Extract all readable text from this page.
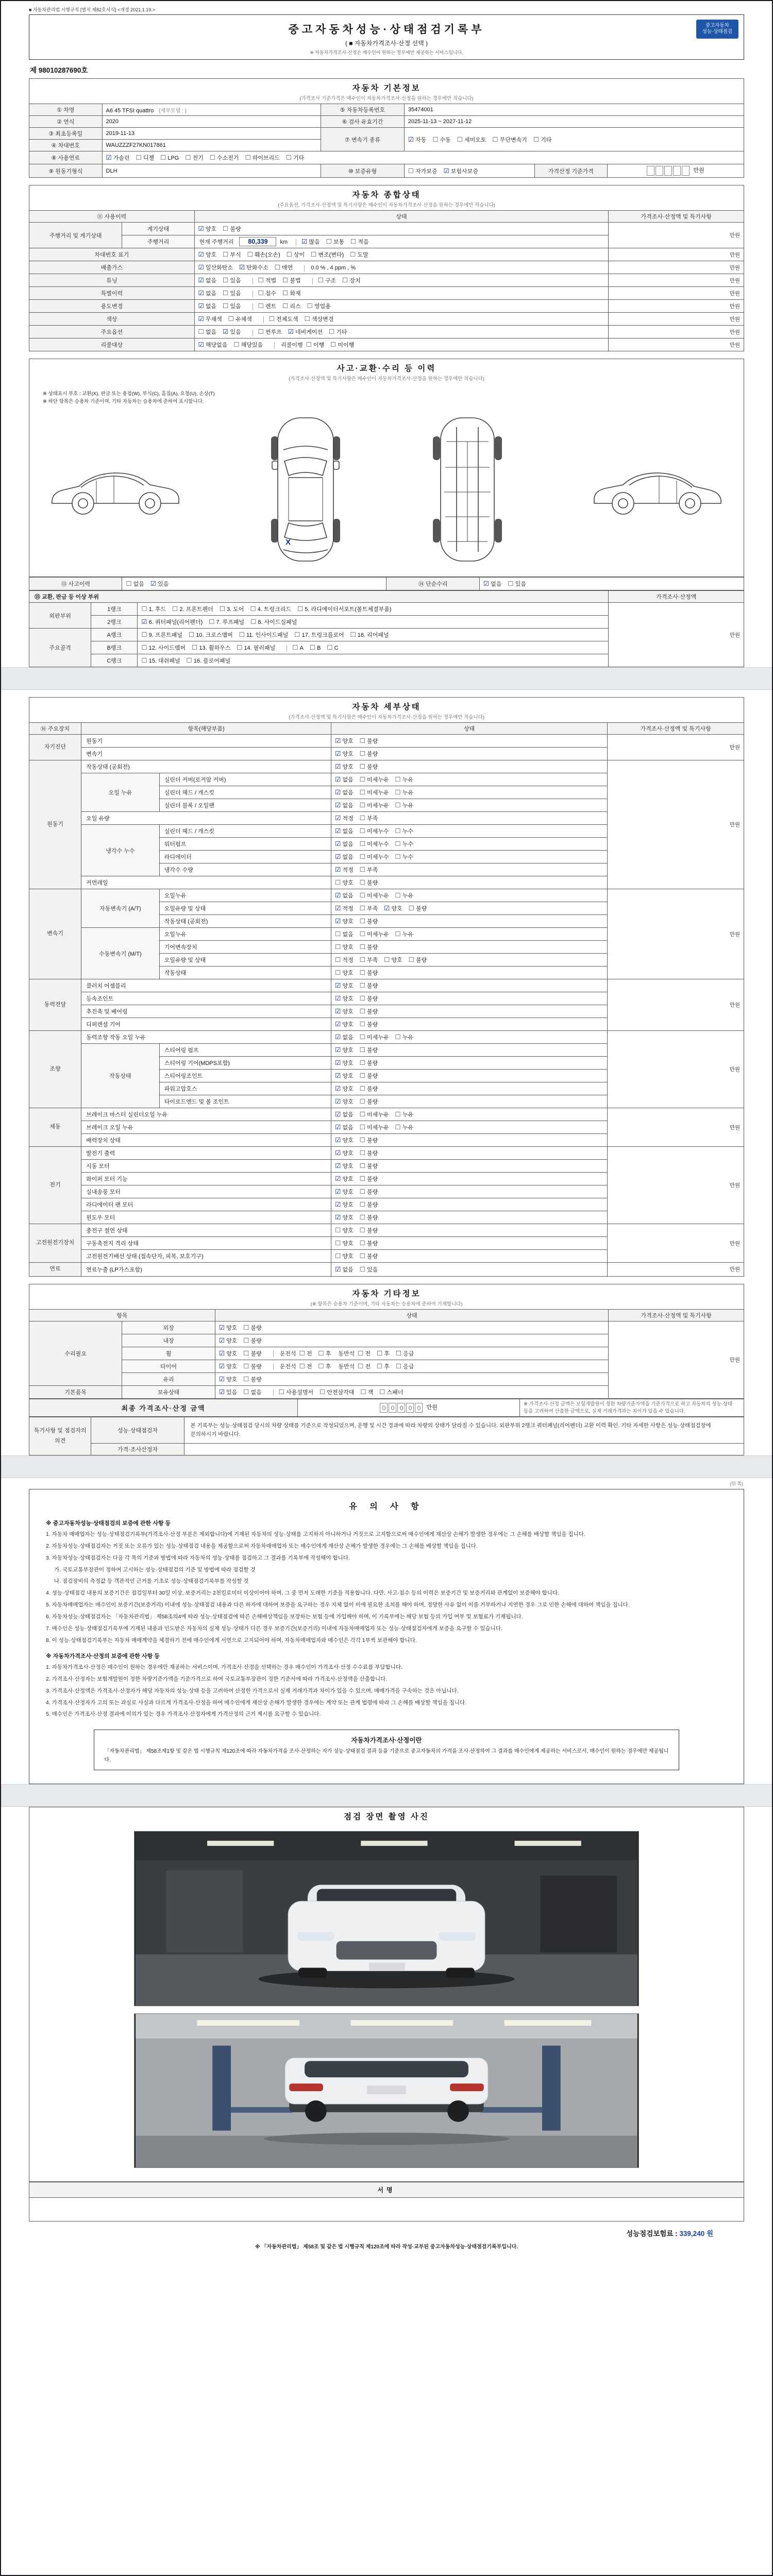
■ 자동차관리법 시행규칙 [별지 제82호서식] <개정 2021.1.19.>
중고자동차성능·상태점검기록부
( ■ 자동차가격조사·산정 선택 )
※ 자동차가격조사·산정은 매수인이 원하는 경우에만 제공하는 서비스입니다.
중고자동차
성능·상태점검
제 98010287690호
자동차 기본정보
(가격조사 기준가격은 매수인이 자동차가격조사·산정을 원하는 경우에만 적습니다)
① 차명	A6 45 TFSI quattro (세부모델 : )	⑤ 자동차등록번호	35474001		
② 연식	2020	⑥ 검사 유효기간	2025-11-13 ~ 2027-11-12		
③ 최초등록일	2019-11-13	⑦ 변속기 종류	☑ 자동 ☐ 수동 ☐ 세미오토 ☐ 무단변속기 ☐ 기타		
④ 차대번호	WAUZZZF27KN017861				
⑧ 사용연료	☑ 가솔린 ☐ 디젤 ☐ LPG ☐ 전기 ☐ 수소전기 ☐ 하이브리드 ☐ 기타				
⑨ 원동기형식	DLH	⑩ 보증유형	☐ 자가보증 ☑ 보험사보증	가격산정 기준가격	만원
자동차 종합상태
(주요옵션, 가격조사·산정액 및 특기사항은 매수인이 자동차가격조사·산정을 원하는 경우에만 적습니다)
⑪ 사용이력		상태	가격조사·산정액 및 특기사항
주행거리 및 계기상태	계기상태	☑ 양호 ☐ 불량	만원
	주행거리	현재 주행거리 80,339 km ☑ 많음 ☐ 보통 ☐ 적음	
차대번호 표기		☑ 양호 ☐ 부식 ☐ 훼손(오손) ☐ 상이 ☐ 변조(변타) ☐ 도말	만원
배출가스		☑ 일산화탄소 ☑ 탄화수소 ☐ 매연 0.0 % , 4 ppm , %	만원
튜닝		☑ 없음 ☐ 있음 ☐ 적법 ☐ 불법 ☐ 구조 ☐ 장치	만원
특별이력		☑ 없음 ☐ 있음 ☐ 침수 ☐ 화재	만원
용도변경		☑ 없음 ☐ 있음 ☐ 렌트 ☐ 리스 ☐ 영업용	만원
색상		☑ 무채색 ☐ 유채색 ☐ 전체도색 ☐ 색상변경	만원
주요옵션		☐ 없음 ☑ 있음 ☐ 썬루프 ☑ 네비게이션 ☐ 기타	만원
리콜대상		☑ 해당없음 ☐ 해당있음 리콜이행 ☐ 이행 ☐ 미이행	만원
사고·교환·수리 등 이력
(가격조사·산정액 및 특기사항은 매수인이 자동차가격조사·산정을 원하는 경우에만 적습니다)

※ 상태표시 부호 : 교환(X), 판금 또는 용접(W), 부식(C), 흠집(A), 요철(U), 손상(T)

※ 하단 항목은 승용차 기준이며, 기타 자동차는 승용차에 준하여 표시합니다.

X
⑬ 사고이력	☐ 없음 ☑ 있음	⑭ 단순수리	☑ 없음 ☐ 있음
⑮ 교환, 판금 등 이상 부위			가격조사·산정액
외판부위	1랭크	☐ 1. 후드 ☐ 2. 프론트펜더 ☐ 3. 도어 ☐ 4. 트렁크리드 ☐ 5. 라디에이터서포트(볼트체결부품)	만원
	2랭크	☑ 6. 쿼터패널(리어펜더) ☐ 7. 루프패널 ☐ 8. 사이드실패널	
주요골격	A랭크	☐ 9. 프론트패널 ☐ 10. 크로스멤버 ☐ 11. 인사이드패널 ☐ 17. 트렁크플로어 ☐ 18. 리어패널	
	B랭크	☐ 12. 사이드멤버 ☐ 13. 휠하우스 ☐ 14. 필러패널 ☐ A ☐ B ☐ C	
	C랭크	☐ 15. 대쉬패널 ☐ 16. 플로어패널	
자동차 세부상태
(가격조사·산정액 및 특기사항은 매수인이 자동차가격조사·산정을 원하는 경우에만 적습니다)
⑯ 주요장치	항목(해당부품)		상태	가격조사·산정액 및 특기사항
자기진단	원동기		☑ 양호 ☐ 불량	만원
	변속기		☑ 양호 ☐ 불량	
원동기	작동상태 (공회전)		☑ 양호 ☐ 불량	만원
	오일 누유	실린더 커버(로커암 커버)	☑ 없음 ☐ 미세누유 ☐ 누유	
		실린더 헤드 / 개스킷	☑ 없음 ☐ 미세누유 ☐ 누유	
		실린더 블록 / 오일팬	☑ 없음 ☐ 미세누유 ☐ 누유	
	오일 유량		☑ 적정 ☐ 부족	
	냉각수 누수	실린더 헤드 / 개스킷	☑ 없음 ☐ 미세누수 ☐ 누수	
		워터펌프	☑ 없음 ☐ 미세누수 ☐ 누수	
		라디에이터	☑ 없음 ☐ 미세누수 ☐ 누수	
		냉각수 수량	☑ 적정 ☐ 부족	
	커먼레일		☐ 양호 ☐ 불량	
변속기	자동변속기 (A/T)	오일누유	☑ 없음 ☐ 미세누유 ☐ 누유	만원
		오일유량 및 상태	☑ 적정 ☐ 부족 ☑ 양호 ☐ 불량	
		작동상태 (공회전)	☑ 양호 ☐ 불량	
	수동변속기 (M/T)	오일누유	☐ 없음 ☐ 미세누유 ☐ 누유	
		기어변속장치	☐ 양호 ☐ 불량	
		오일유량 및 상태	☐ 적정 ☐ 부족 ☐ 양호 ☐ 불량	
		작동상태	☐ 양호 ☐ 불량	
동력전달	클러치 어셈블리		☑ 양호 ☐ 불량	만원
	등속조인트		☑ 양호 ☐ 불량	
	추진축 및 베어링		☑ 양호 ☐ 불량	
	디퍼렌셜 기어		☑ 양호 ☐ 불량	
조향	동력조향 작동 오일 누유		☑ 없음 ☐ 미세누유 ☐ 누유	만원
	작동상태	스티어링 펌프	☑ 양호 ☐ 불량	
		스티어링 기어(MDPS포함)	☑ 양호 ☐ 불량	
		스티어링조인트	☑ 양호 ☐ 불량	
		파워고압호스	☑ 양호 ☐ 불량	
		타이로드엔드 및 볼 조인트	☑ 양호 ☐ 불량	
제동	브레이크 마스터 실린더오일 누유		☑ 없음 ☐ 미세누유 ☐ 누유	만원
	브레이크 오일 누유		☑ 없음 ☐ 미세누유 ☐ 누유	
	배력장치 상태		☑ 양호 ☐ 불량	
전기	발전기 출력		☑ 양호 ☐ 불량	만원
	시동 모터		☑ 양호 ☐ 불량	
	와이퍼 모터 기능		☑ 양호 ☐ 불량	
	실내송풍 모터		☑ 양호 ☐ 불량	
	라디에이터 팬 모터		☑ 양호 ☐ 불량	
	윈도우 모터		☑ 양호 ☐ 불량	
고전원전기장치	충전구 절연 상태		☐ 양호 ☐ 불량	만원
	구동축전지 격리 상태		☐ 양호 ☐ 불량	
	고전원전기배선 상태 (접속단자, 피복, 보호기구)		☐ 양호 ☐ 불량	
연료	연료누출 (LP가스포함)		☑ 없음 ☐ 있음	만원
자동차 기타정보
(※ 항목은 승용차 기준이며, 기타 자동차는 승용차에 준하여 기재합니다)
항목		상태	가격조사·산정액 및 특기사항
수리필요	외장	☑ 양호 ☐ 불량	만원
	내장	☑ 양호 ☐ 불량	
	휠	☑ 양호 ☐ 불량 운전석 ☐ 전 ☐ 후 동반석 ☐ 전 ☐ 후 ☐ 응급	
	타이어	☑ 양호 ☐ 불량 운전석 ☐ 전 ☐ 후 동반석 ☐ 전 ☐ 후 ☐ 응급	
	유리	☑ 양호 ☐ 불량	
기본품목	보유상태	☑ 있음 ☐ 없음 ☐ 사용설명서 ☐ 안전삼각대 ☐ 잭 ☐ 스패너	
최종 가격조사·산정 금액	0 0 0 0 0 만원	※ 가격조사·산정 금액은 보험개발원이 정한 차량기준가액을 기준가격으로 하고 자동차의 성능·상태 등을 고려하여 산출한 금액으로, 실제 거래가격과는 차이가 있을 수 있습니다.
특기사항 및 점검자의 의견	성능·상태점검자	본 기록부는 성능·상태점검 당시의 차량 상태를 기준으로 작성되었으며, 운행 및 시간 경과에 따라 차량의 상태가 달라질 수 있습니다. 외판부위 2랭크 쿼터패널(리어펜더) 교환 이력 확인. 기타 자세한 사항은 성능·상태점검장에 문의하시기 바랍니다.
	가격·조사산정자	
(뒤 쪽)
유 의 사 항
※ 중고자동차성능·상태점검의 보증에 관한 사항 등

1. 자동차 매매업자는 성능·상태점검기록부(가격조사·산정 부분은 제외합니다)에 기재된 자동차의 성능·상태를 고지하지 아니하거나 거짓으로 고지함으로써 매수인에게 재산상 손해가 발생한 경우에는 그 손해를 배상할 책임을 집니다.

2. 자동차성능·상태점검자는 거짓 또는 오류가 있는 성능·상태점검 내용을 제공함으로써 자동차매매업자 또는 매수인에게 재산상 손해가 발생한 경우에는 그 손해를 배상할 책임을 집니다.

3. 자동차성능·상태점검자는 다음 각 목의 기준과 방법에 따라 자동차의 성능·상태를 점검하고 그 결과를 기록부에 작성해야 합니다.

가. 국토교통부장관이 정하여 고시하는 성능·상태점검의 기준 및 방법에 따라 점검할 것

나. 점검장비의 측정값 등 객관적인 근거를 기초로 성능·상태점검기록부를 작성할 것

4. 성능·상태점검 내용의 보증기간은 점검일부터 30일 이상, 보증거리는 2천킬로미터 이상이어야 하며, 그 중 먼저 도래한 기준을 적용합니다. 다만, 사고·침수 등의 이력은 보증기간 및 보증거리와 관계없이 보증해야 합니다.

5. 자동차매매업자는 매수인이 보증기간(보증거리) 이내에 성능·상태점검 내용과 다른 하자에 대하여 보증을 요구하는 경우 지체 없이 이에 필요한 조치를 해야 하며, 정당한 사유 없이 이를 거부하거나 지연한 경우 그로 인한 손해에 대하여 책임을 집니다.

6. 자동차성능·상태점검자는 「자동차관리법」 제58조의4에 따라 성능·상태점검에 따른 손해배상책임을 보장하는 보험 등에 가입해야 하며, 이 기록부에는 해당 보험 등의 가입 여부 및 보험료가 기재됩니다.

7. 매수인은 성능·상태점검기록부에 기재된 내용과 인도받은 자동차의 실제 성능·상태가 다른 경우 보증기간(보증거리) 이내에 자동차매매업자 또는 성능·상태점검자에게 보증을 요구할 수 있습니다.

8. 이 성능·상태점검기록부는 자동차 매매계약을 체결하기 전에 매수인에게 서면으로 고지되어야 하며, 자동차매매업자와 매수인은 각각 1부씩 보관해야 합니다.

※ 자동차가격조사·산정의 보증에 관한 사항 등

1. 자동차가격조사·산정은 매수인이 원하는 경우에만 제공하는 서비스이며, 가격조사·산정을 선택하는 경우 매수인이 가격조사·산정 수수료를 부담합니다.

2. 가격조사·산정자는 보험개발원이 정한 차량기준가액을 기준가격으로 하여 국토교통부장관이 정한 기준서에 따라 가격조사·산정액을 산출합니다.

3. 가격조사·산정액은 가격조사·산정자가 해당 자동차의 성능·상태 등을 고려하여 산정한 가격으로서 실제 거래가격과 차이가 있을 수 있으며, 매매가격을 구속하는 것은 아닙니다.

4. 가격조사·산정자가 고의 또는 과실로 사실과 다르게 가격조사·산정을 하여 매수인에게 재산상 손해가 발생한 경우에는 계약 또는 관계 법령에 따라 그 손해를 배상할 책임을 집니다.

5. 매수인은 가격조사·산정 결과에 이의가 있는 경우 가격조사·산정자에게 가격산정의 근거 제시를 요구할 수 있습니다.

자동차가격조사·산정이란
「자동차관리법」 제58조제1항 및 같은 법 시행규칙 제120조에 따라 자동차가격을 조사·산정하는 자가 성능·상태점검 결과 등을 기준으로 중고자동차의 가격을 조사·산정하여 그 결과를 매수인에게 제공하는 서비스로서, 매수인이 원하는 경우에만 제공됩니다.
점검 장면 촬영 사진
서명
성능점검보험료 : 339,240 원
※ 「자동차관리법」 제58조 및 같은 법 시행규칙 제120조에 따라 작성·교부된 중고자동차성능·상태점검기록부입니다.
